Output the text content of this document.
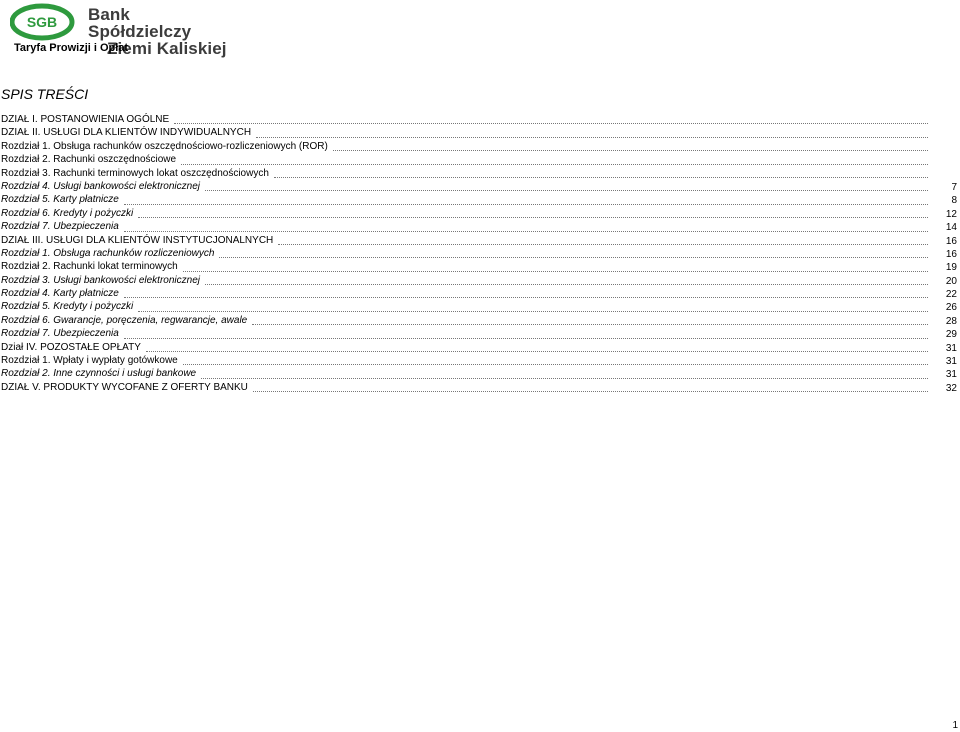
SGB Bank Spółdzielczy
Ziemi Kaliskiej
Taryfa Prowizji i Opłat
SPIS TREŚCI
DZIAŁ I. POSTANOWIENIA OGÓLNE
DZIAŁ II. USŁUGI DLA KLIENTÓW INDYWIDUALNYCH
Rozdział 1. Obsługa rachunków oszczędnościowo-rozliczeniowych (ROR)
Rozdział 2. Rachunki oszczędnościowe
Rozdział 3. Rachunki terminowych lokat oszczędnościowych
Rozdział 4. Usługi bankowości elektronicznej	7
Rozdział 5. Karty płatnicze	8
Rozdział 6. Kredyty i pożyczki	12
Rozdział 7. Ubezpieczenia	14
DZIAŁ III. USŁUGI DLA KLIENTÓW INSTYTUCJONALNYCH	16
Rozdział 1. Obsługa rachunków rozliczeniowych	16
Rozdział 2. Rachunki lokat terminowych	19
Rozdział 3. Usługi bankowości elektronicznej	20
Rozdział 4. Karty płatnicze	22
Rozdział 5. Kredyty i pożyczki	26
Rozdział 6. Gwarancje, poręczenia, regwarancje, awale	28
Rozdział 7. Ubezpieczenia	29
Dział IV. POZOSTAŁE OPŁATY	31
Rozdział 1. Wpłaty i wypłaty gotówkowe	31
Rozdział 2. Inne czynności i usługi bankowe	31
DZIAŁ V. PRODUKTY WYCOFANE Z OFERTY BANKU	32
1
